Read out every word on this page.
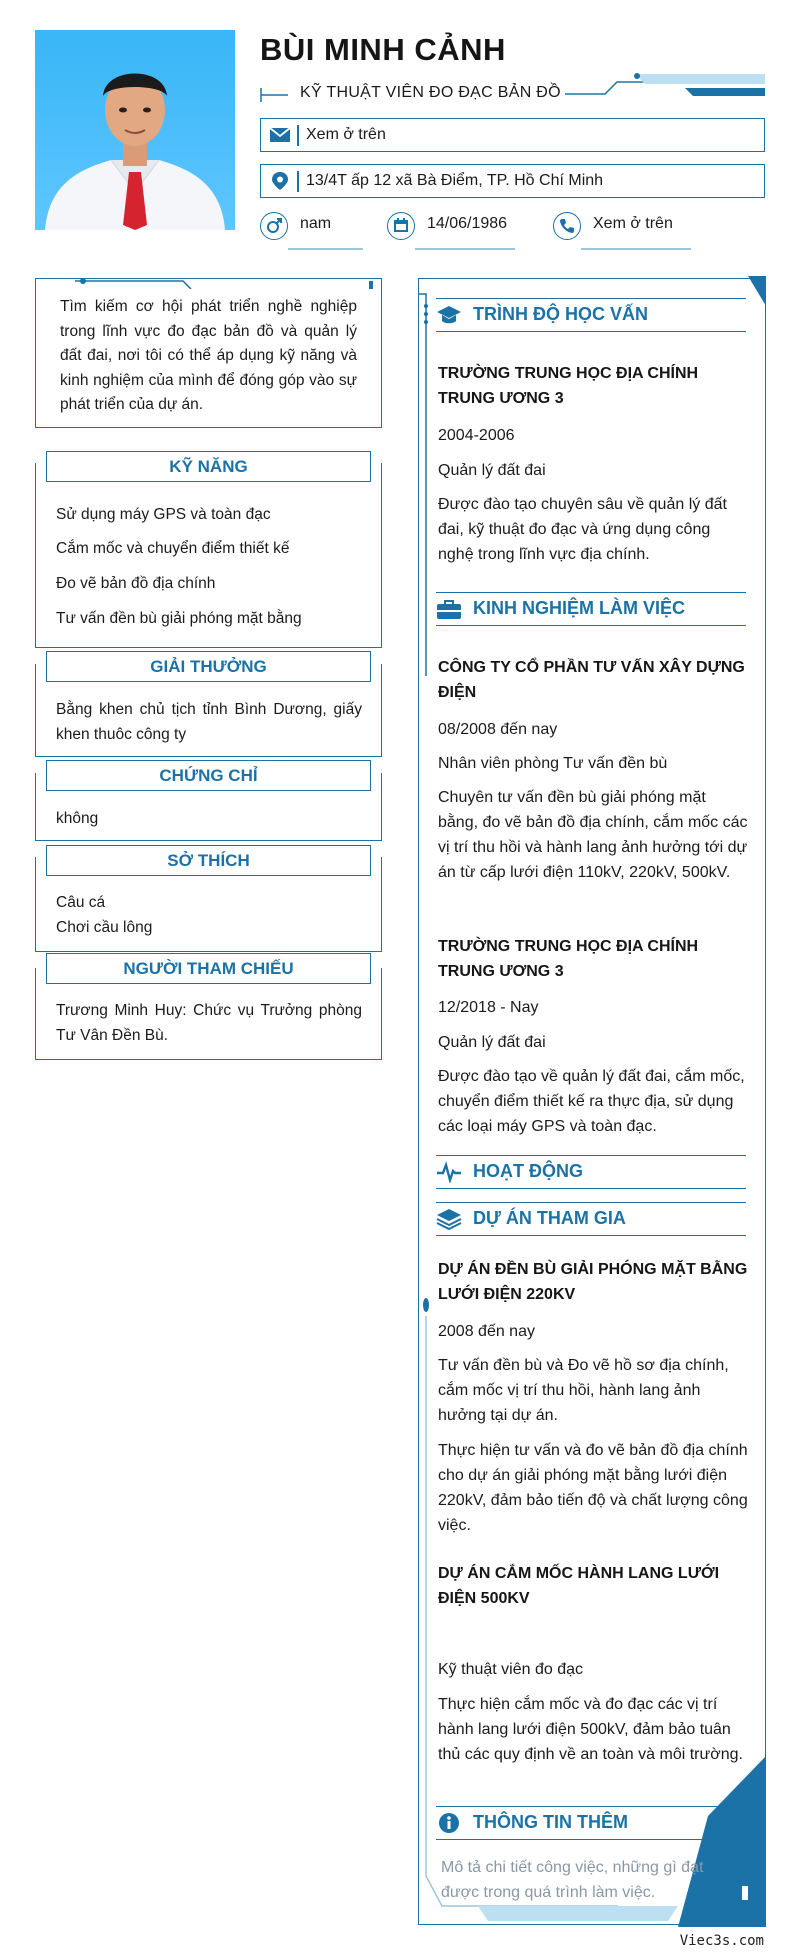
BÙI MINH CẢNH
KỸ THUẬT VIÊN ĐO ĐẠC BẢN ĐỒ
Xem ở trên
13/4T ấp 12 xã Bà Điểm, TP. Hồ Chí Minh
nam	14/06/1986	Xem ở trên

Tìm kiếm cơ hội phát triển nghề nghiệp trong lĩnh vực đo đạc bản đồ và quản lý đất đai, nơi tôi có thể áp dụng kỹ năng và kinh nghiệm của mình để đóng góp vào sự phát triển của dự án.

KỸ NĂNG
Sử dụng máy GPS và toàn đạc
Cắm mốc và chuyển điểm thiết kế
Đo vẽ bản đồ địa chính
Tư vấn đền bù giải phóng mặt bằng
GIẢI THƯỞNG
Bằng khen chủ tịch tỉnh Bình Dương, giấy khen thuôc công ty
CHỨNG CHỈ
không
SỞ THÍCH
Câu cá
Chơi cầu lông
NGƯỜI THAM CHIẾU
Trương Minh Huy: Chức vụ Trưởng phòng Tư Vân Đền Bù.
TRÌNH ĐỘ HỌC VẤN
TRƯỜNG TRUNG HỌC ĐỊA CHÍNH TRUNG ƯƠNG 3
2004-2006
Quản lý đất đai
Được đào tạo chuyên sâu về quản lý đất đai, kỹ thuật đo đạc và ứng dụng công nghệ trong lĩnh vực địa chính.
KINH NGHIỆM LÀM VIỆC
CÔNG TY CỔ PHẦN TƯ VẤN XÂY DỰNG ĐIỆN
08/2008 đến nay
Nhân viên phòng Tư vấn đền bù
Chuyên tư vấn đền bù giải phóng mặt bằng, đo vẽ bản đồ địa chính, cắm mốc các vị trí thu hồi và hành lang ảnh hưởng tới dự án từ cấp lưới điện 110kV, 220kV, 500kV.
TRƯỜNG TRUNG HỌC ĐỊA CHÍNH TRUNG ƯƠNG 3
12/2018 - Nay
Quản lý đất đai
Được đào tạo về quản lý đất đai, cắm mốc, chuyển điểm thiết kế ra thực địa, sử dụng các loại máy GPS và toàn đạc.
HOẠT ĐỘNG
DỰ ÁN THAM GIA
DỰ ÁN ĐỀN BÙ GIẢI PHÓNG MẶT BẰNG LƯỚI ĐIỆN 220KV
2008 đến nay
Tư vấn đền bù và Đo vẽ hồ sơ địa chính, cắm mốc vị trí thu hồi, hành lang ảnh hưởng tại dự án.
Thực hiện tư vấn và đo vẽ bản đồ địa chính cho dự án giải phóng mặt bằng lưới điện 220kV, đảm bảo tiến độ và chất lượng công việc.
DỰ ÁN CẮM MỐC HÀNH LANG LƯỚI ĐIỆN 500KV
Kỹ thuật viên đo đạc
Thực hiện cắm mốc và đo đạc các vị trí hành lang lưới điện 500kV, đảm bảo tuân thủ các quy định về an toàn và môi trường.
THÔNG TIN THÊM
Mô tả chi tiết công việc, những gì đạt được trong quá trình làm việc.
Viec3s.com
